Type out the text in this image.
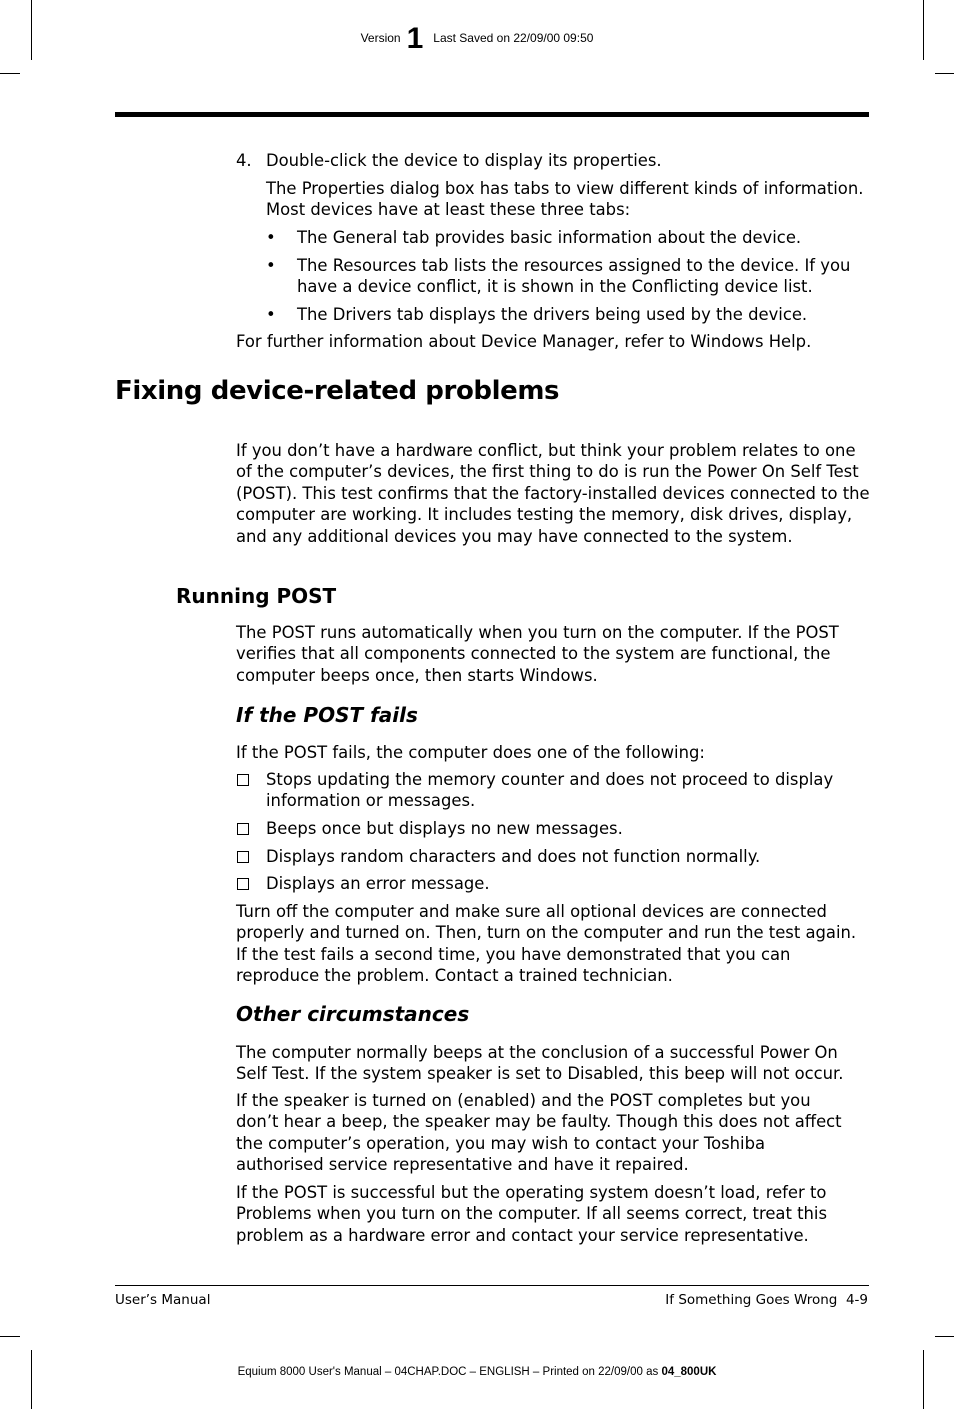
Version 1 Last Saved on 22/09/00 09:50
4. Double-click the device to display its properties.

The Properties dialog box has tabs to view different kinds of information. Most devices have at least these three tabs:

• The General tab provides basic information about the device.

• The Resources tab lists the resources assigned to the device. If you have a device conflict, it is shown in the Conflicting device list.

• The Drivers tab displays the drivers being used by the device.

For further information about Device Manager, refer to Windows Help.

Fixing device-related problems

If you don’t have a hardware conflict, but think your problem relates to one of the computer’s devices, the first thing to do is run the Power On Self Test (POST). This test confirms that the factory-installed devices connected to the computer are working. It includes testing the memory, disk drives, display, and any additional devices you may have connected to the system.

Running POST

The POST runs automatically when you turn on the computer. If the POST verifies that all components connected to the system are functional, the computer beeps once, then starts Windows.

If the POST fails

If the POST fails, the computer does one of the following:

Stops updating the memory counter and does not proceed to display information or messages.

Beeps once but displays no new messages.

Displays random characters and does not function normally.

Displays an error message.

Turn off the computer and make sure all optional devices are connected properly and turned on. Then, turn on the computer and run the test again. If the test fails a second time, you have demonstrated that you can reproduce the problem. Contact a trained technician.

Other circumstances

The computer normally beeps at the conclusion of a successful Power On Self Test. If the system speaker is set to Disabled, this beep will not occur.

If the speaker is turned on (enabled) and the POST completes but you don’t hear a beep, the speaker may be faulty. Though this does not affect the computer’s operation, you may wish to contact your Toshiba authorised service representative and have it repaired.

If the POST is successful but the operating system doesn’t load, refer to Problems when you turn on the computer. If all seems correct, treat this problem as a hardware error and contact your service representative.

User’s Manual	If Something Goes Wrong  4-9
Equium 8000 User's Manual – 04CHAP.DOC – ENGLISH – Printed on 22/09/00 as 04_800UK
